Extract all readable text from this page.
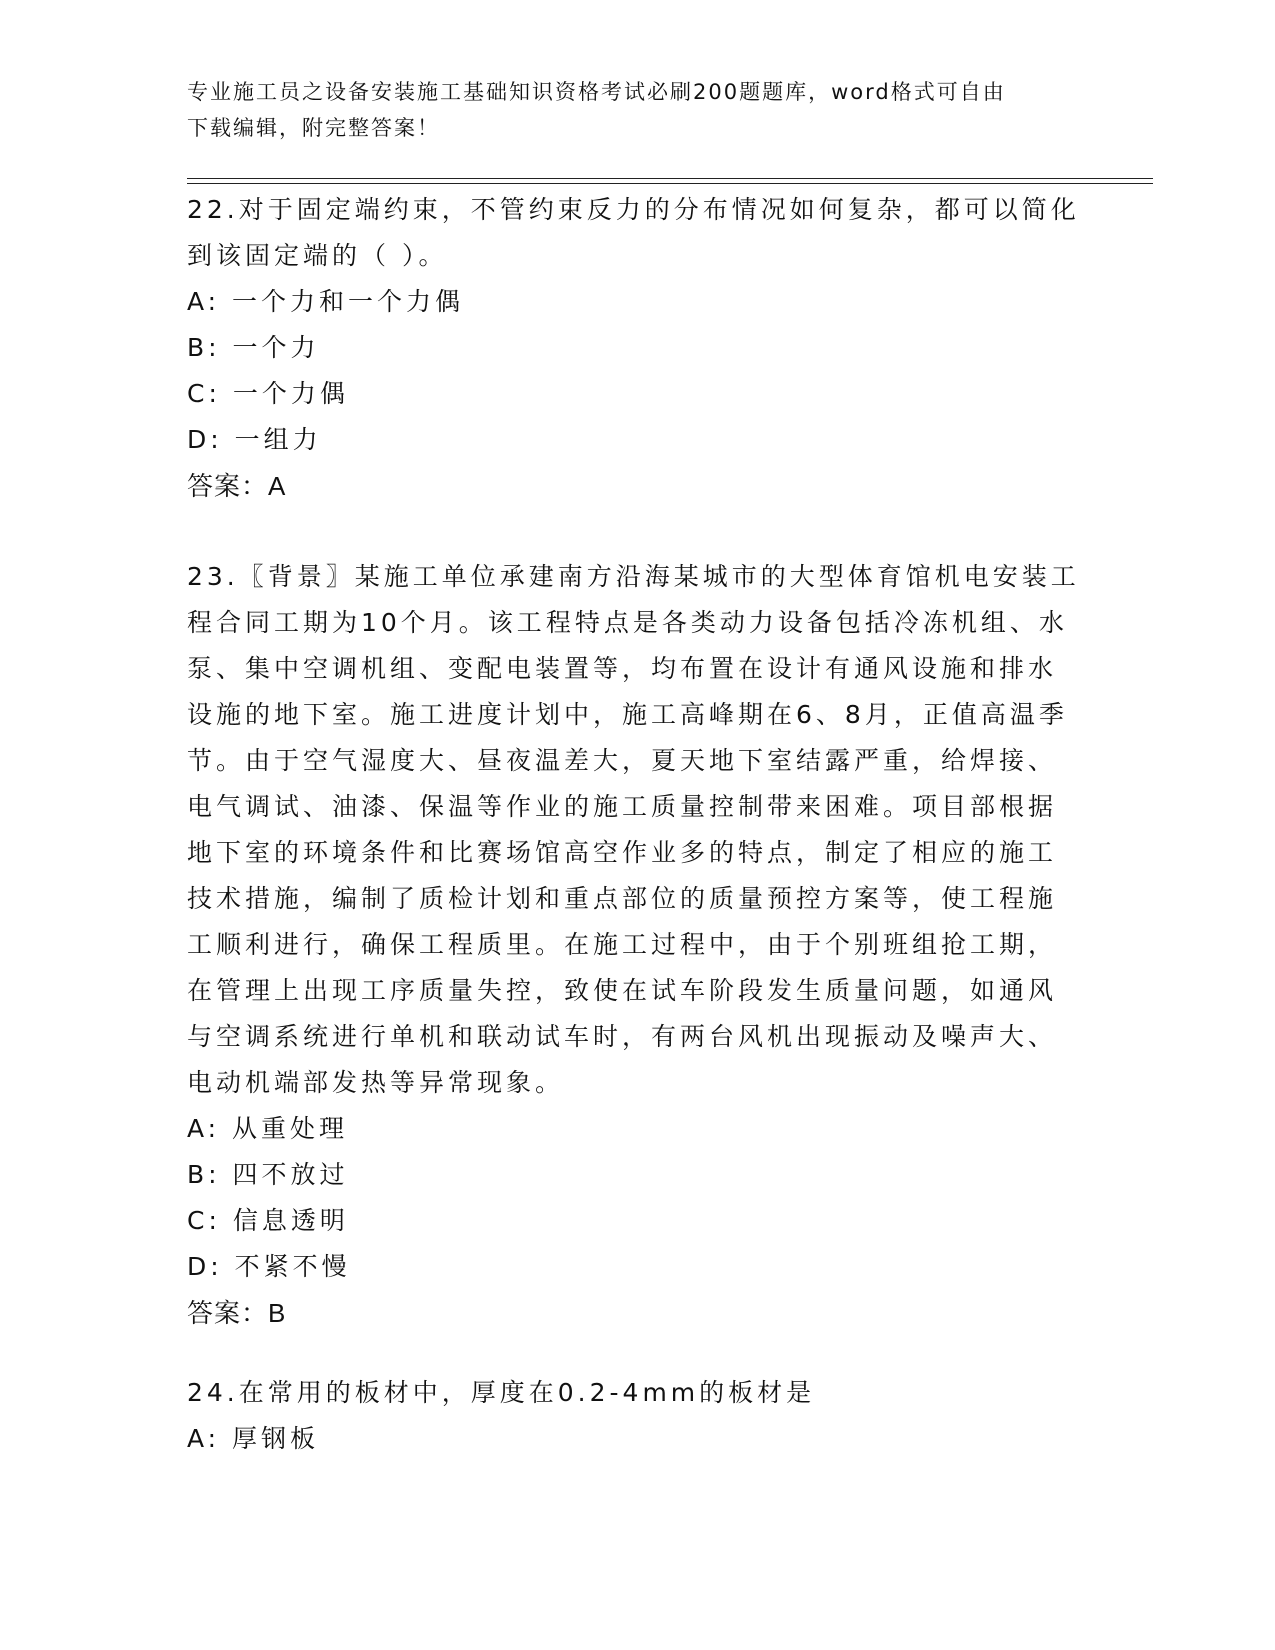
专业施工员之设备安装施工基础知识资格考试必刷200题题库，word格式可自由
下载编辑，附完整答案！

22.对于固定端约束，不管约束反力的分布情况如何复杂，都可以简化

到该固定端的（ ）。

A: 一个力和一个力偶

B: 一个力

C: 一个力偶

D: 一组力

答案：A

23.〖背景〗某施工单位承建南方沿海某城市的大型体育馆机电安装工

程合同工期为10个月。该工程特点是各类动力设备包括冷冻机组、水

泵、集中空调机组、变配电装置等，均布置在设计有通风设施和排水

设施的地下室。施工进度计划中，施工高峰期在6、8月，正值高温季

节。由于空气湿度大、昼夜温差大，夏天地下室结露严重，给焊接、

电气调试、油漆、保温等作业的施工质量控制带来困难。项目部根据

地下室的环境条件和比赛场馆高空作业多的特点，制定了相应的施工

技术措施，编制了质检计划和重点部位的质量预控方案等，使工程施

工顺利进行，确保工程质里。在施工过程中，由于个别班组抢工期，

在管理上出现工序质量失控，致使在试车阶段发生质量问题，如通风

与空调系统进行单机和联动试车时，有两台风机出现振动及噪声大、

电动机端部发热等异常现象。

A: 从重处理

B: 四不放过

C: 信息透明

D: 不紧不慢

答案：B

24.在常用的板材中，厚度在0.2-4mm的板材是

A: 厚钢板
